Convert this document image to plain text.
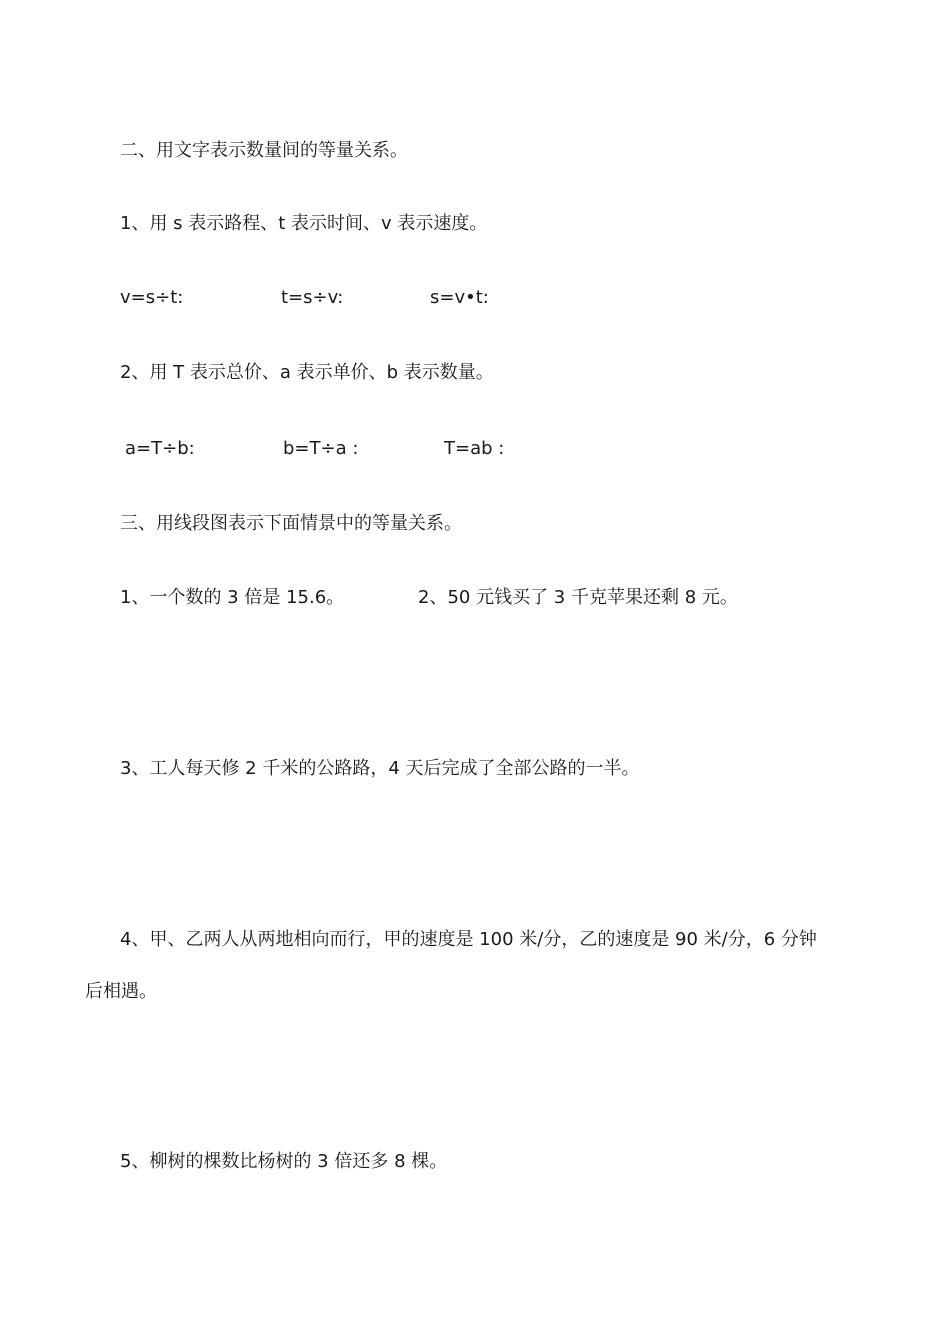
二、用文字表示数量间的等量关系。
1、用 s 表示路程、t 表示时间、v 表示速度。
v=s÷t:	t=s÷v:	s=v•t:
2、用 T 表示总价、a 表示单价、b 表示数量。
a=T÷b:	b=T÷a :	T=ab :
三、用线段图表示下面情景中的等量关系。
1、一个数的 3 倍是 15.6。	2、50 元钱买了 3 千克苹果还剩 8 元。
3、工人每天修 2 千米的公路路，4 天后完成了全部公路的一半。
4、甲、乙两人从两地相向而行，甲的速度是 100 米/分，乙的速度是 90 米/分，6 分钟
后相遇。
5、柳树的棵数比杨树的 3 倍还多 8 棵。
